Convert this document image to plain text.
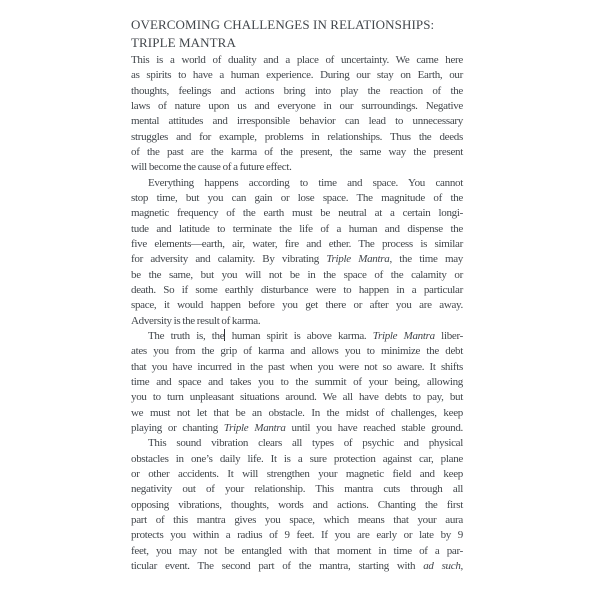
OVERCOMING CHALLENGES IN RELATIONSHIPS:
TRIPLE MANTRA
This is a world of duality and a place of uncertainty. We came here
as spirits to have a human experience. During our stay on Earth, our
thoughts, feelings and actions bring into play the reaction of the
laws of nature upon us and everyone in our surroundings. Negative
mental attitudes and irresponsible behavior can lead to unnecessary
struggles and for example, problems in relationships. Thus the deeds
of the past are the karma of the present, the same way the present
will become the cause of a future effect.
Everything happens according to time and space. You cannot
stop time, but you can gain or lose space. The magnitude of the
magnetic frequency of the earth must be neutral at a certain longi-
tude and latitude to terminate the life of a human and dispense the
five elements—earth, air, water, fire and ether. The process is similar
for adversity and calamity. By vibrating Triple Mantra, the time may
be the same, but you will not be in the space of the calamity or
death. So if some earthly disturbance were to happen in a particular
space, it would happen before you get there or after you are away.
Adversity is the result of karma.
The truth is, the human spirit is above karma. Triple Mantra liber-
ates you from the grip of karma and allows you to minimize the debt
that you have incurred in the past when you were not so aware. It shifts
time and space and takes you to the summit of your being, allowing
you to turn unpleasant situations around. We all have debts to pay, but
we must not let that be an obstacle. In the midst of challenges, keep
playing or chanting Triple Mantra until you have reached stable ground.
This sound vibration clears all types of psychic and physical
obstacles in one’s daily life. It is a sure protection against car, plane
or other accidents. It will strengthen your magnetic field and keep
negativity out of your relationship. This mantra cuts through all
opposing vibrations, thoughts, words and actions. Chanting the first
part of this mantra gives you space, which means that your aura
protects you within a radius of 9 feet. If you are early or late by 9
feet, you may not be entangled with that moment in time of a par-
ticular event. The second part of the mantra, starting with ad such,
